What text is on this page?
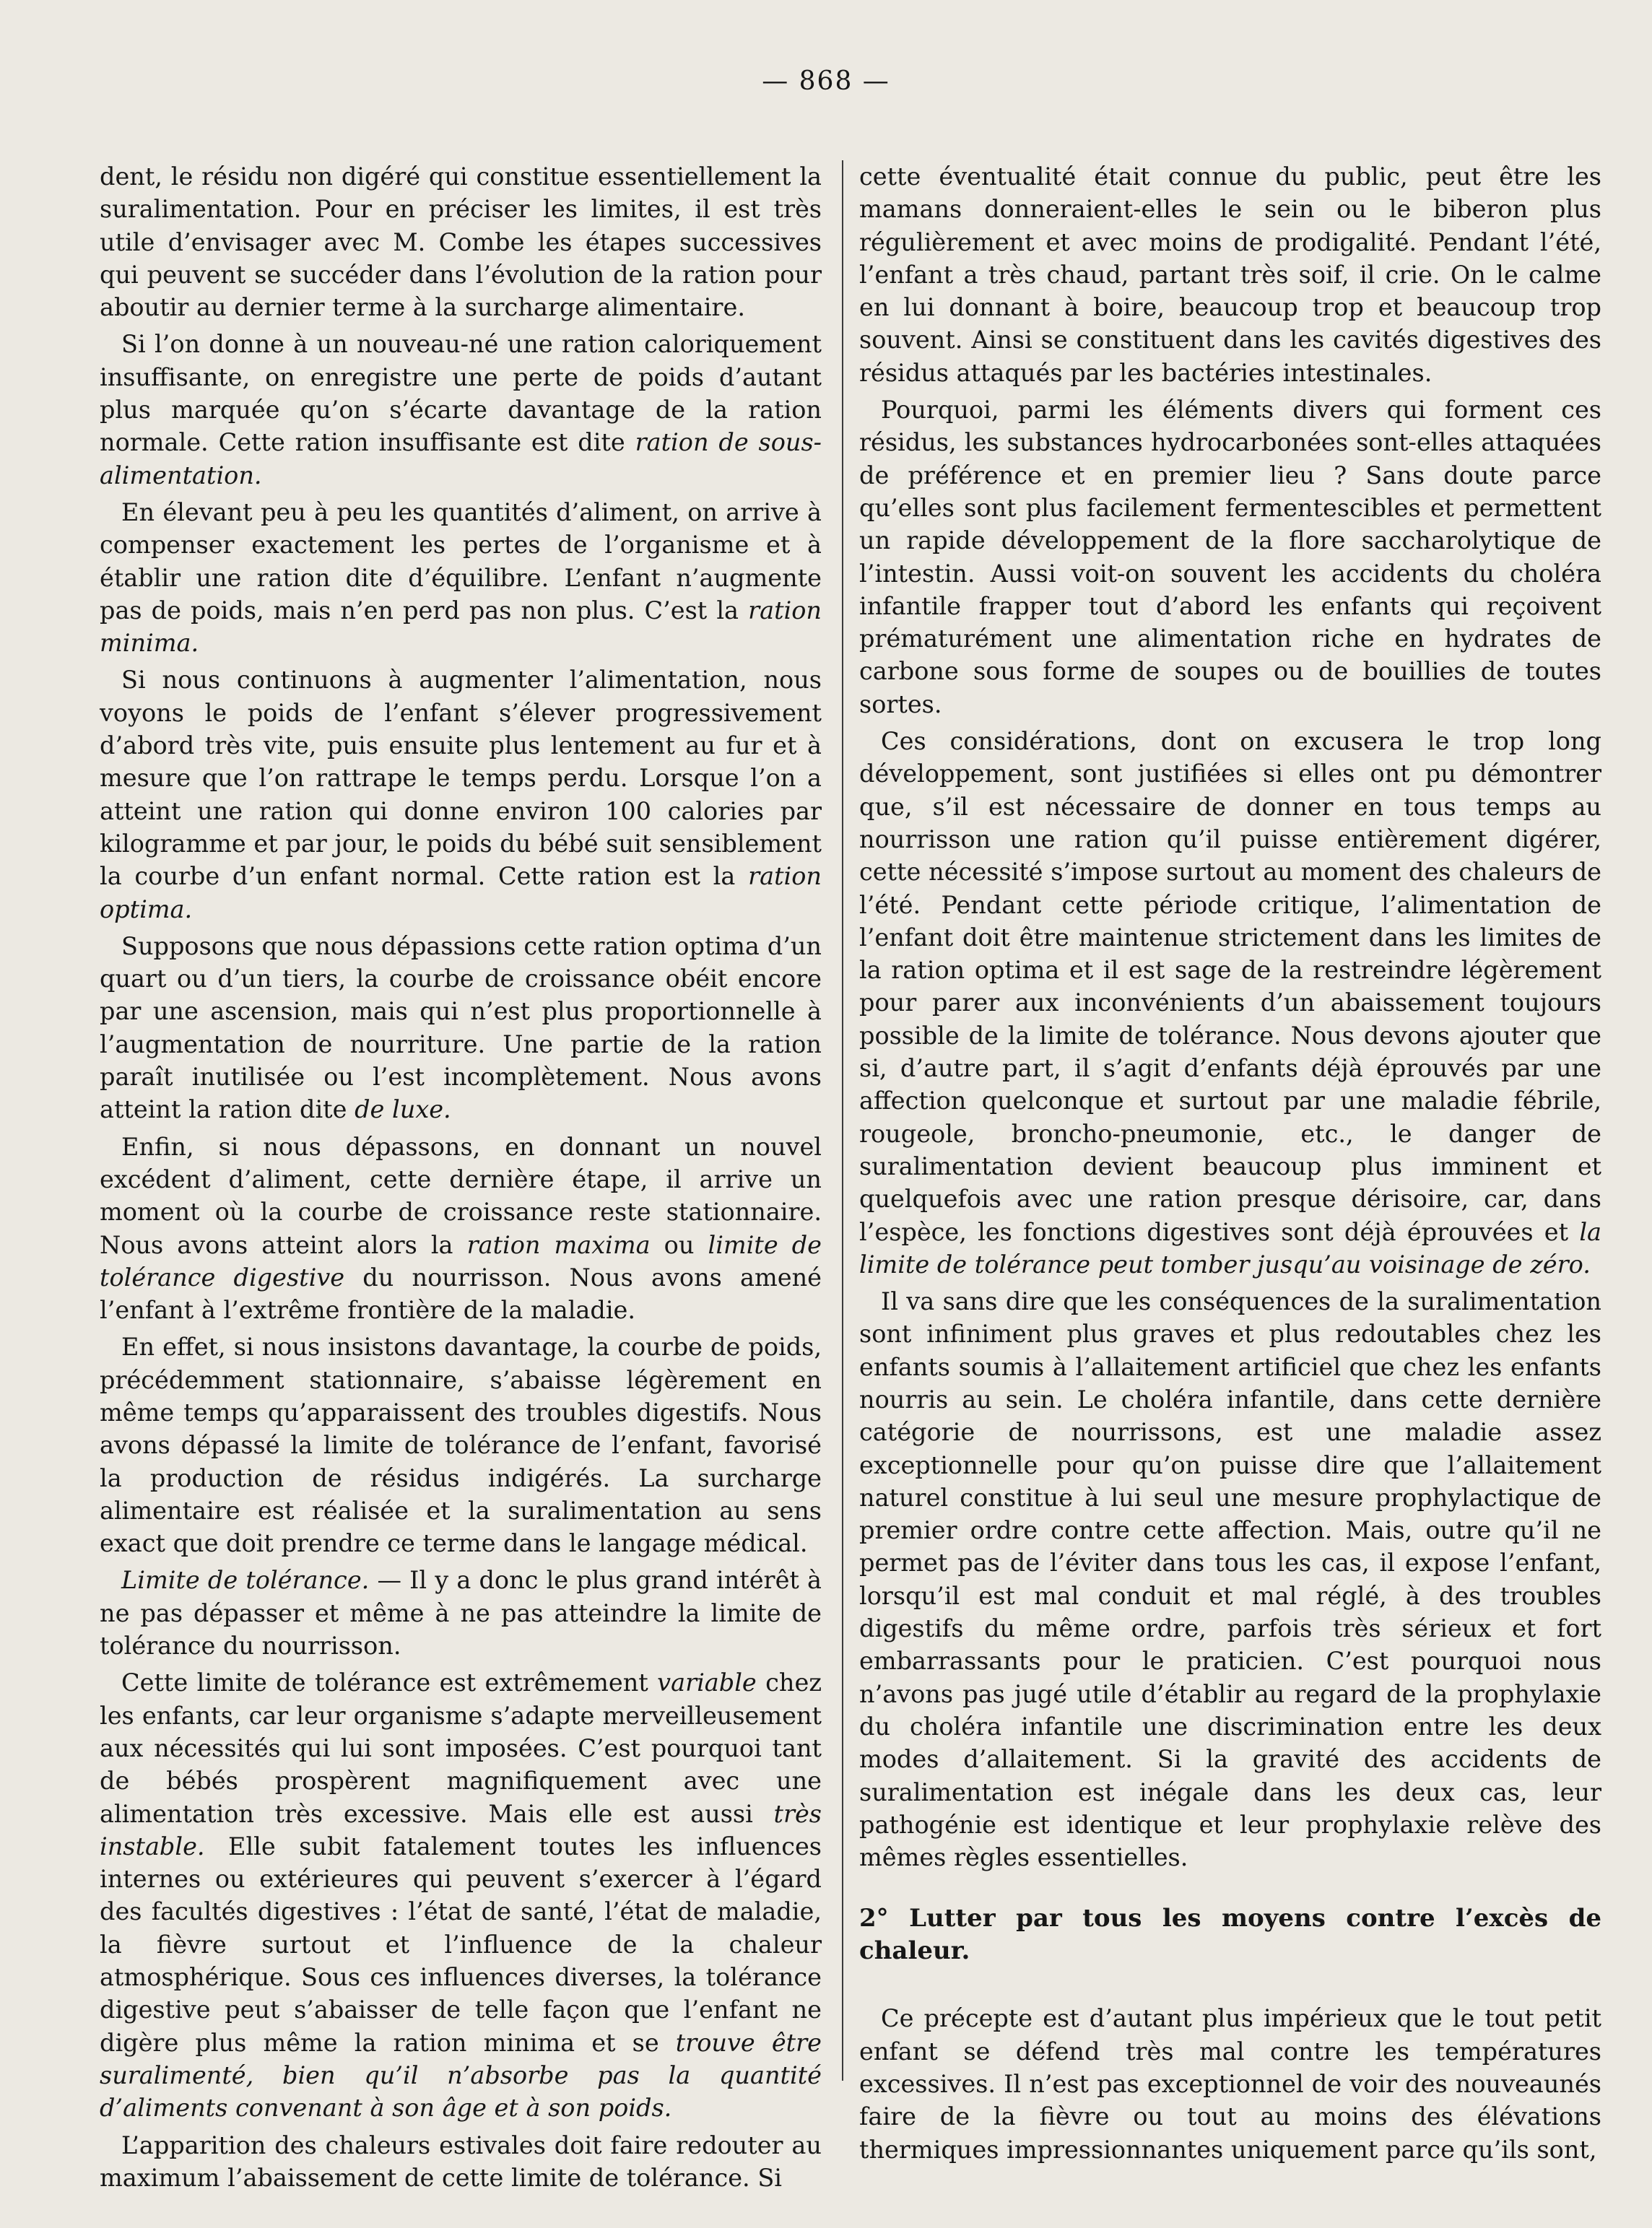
— 868 —

dent, le résidu non digéré qui constitue essentiellement la suralimentation. Pour en préciser les limites, il est très utile d’envisager avec M. Combe les étapes successives qui peuvent se succéder dans l’évolution de la ration pour aboutir au dernier terme à la surcharge alimentaire.

Si l’on donne à un nouveau-né une ration caloriquement insuffisante, on enregistre une perte de poids d’autant plus marquée qu’on s’écarte davantage de la ration normale. Cette ration insuffisante est dite ration de sous-alimentation.

En élevant peu à peu les quantités d’aliment, on arrive à compenser exactement les pertes de l’organisme et à établir une ration dite d’équilibre. L’enfant n’augmente pas de poids, mais n’en perd pas non plus. C’est la ration minima.

Si nous continuons à augmenter l’alimentation, nous voyons le poids de l’enfant s’élever progressivement d’abord très vite, puis ensuite plus lentement au fur et à mesure que l’on rattrape le temps perdu. Lorsque l’on a atteint une ration qui donne environ 100 calories par kilogramme et par jour, le poids du bébé suit sensiblement la courbe d’un enfant normal. Cette ration est la ration optima.

Supposons que nous dépassions cette ration optima d’un quart ou d’un tiers, la courbe de croissance obéit encore par une ascension, mais qui n’est plus proportionnelle à l’augmentation de nourriture. Une partie de la ration paraît inutilisée ou l’est incomplètement. Nous avons atteint la ration dite de luxe.

Enfin, si nous dépassons, en donnant un nouvel excédent d’aliment, cette dernière étape, il arrive un moment où la courbe de croissance reste stationnaire. Nous avons atteint alors la ration maxima ou limite de tolérance digestive du nourrisson. Nous avons amené l’enfant à l’extrême frontière de la maladie.

En effet, si nous insistons davantage, la courbe de poids, précédemment stationnaire, s’abaisse légèrement en même temps qu’apparaissent des troubles digestifs. Nous avons dépassé la limite de tolérance de l’enfant, favorisé la production de résidus indigérés. La surcharge alimentaire est réalisée et la suralimentation au sens exact que doit prendre ce terme dans le langage médical.

Limite de tolérance. — Il y a donc le plus grand intérêt à ne pas dépasser et même à ne pas atteindre la limite de tolérance du nourrisson.

Cette limite de tolérance est extrêmement variable chez les enfants, car leur organisme s’adapte merveilleusement aux nécessités qui lui sont imposées. C’est pourquoi tant de bébés prospèrent magnifiquement avec une alimentation très excessive. Mais elle est aussi très instable. Elle subit fatalement toutes les influences internes ou extérieures qui peuvent s’exercer à l’égard des facultés digestives : l’état de santé, l’état de maladie, la fièvre surtout et l’influence de la chaleur atmosphérique. Sous ces influences diverses, la tolérance digestive peut s’abaisser de telle façon que l’enfant ne digère plus même la ration minima et se trouve être suralimenté, bien qu’il n’absorbe pas la quantité d’aliments convenant à son âge et à son poids.

L’apparition des chaleurs estivales doit faire redouter au maximum l’abaissement de cette limite de tolérance. Si

cette éventualité était connue du public, peut être les mamans donneraient-elles le sein ou le biberon plus régulièrement et avec moins de prodigalité. Pendant l’été, l’enfant a très chaud, partant très soif, il crie. On le calme en lui donnant à boire, beaucoup trop et beaucoup trop souvent. Ainsi se constituent dans les cavités digestives des résidus attaqués par les bactéries intestinales.

Pourquoi, parmi les éléments divers qui forment ces résidus, les substances hydrocarbonées sont-elles attaquées de préférence et en premier lieu ? Sans doute parce qu’elles sont plus facilement fermentescibles et permettent un rapide développement de la flore saccharolytique de l’intestin. Aussi voit-on souvent les accidents du choléra infantile frapper tout d’abord les enfants qui reçoivent prématurément une alimentation riche en hydrates de carbone sous forme de soupes ou de bouillies de toutes sortes.

Ces considérations, dont on excusera le trop long développement, sont justifiées si elles ont pu démontrer que, s’il est nécessaire de donner en tous temps au nourrisson une ration qu’il puisse entièrement digérer, cette nécessité s’impose surtout au moment des chaleurs de l’été. Pendant cette période critique, l’alimentation de l’enfant doit être maintenue strictement dans les limites de la ration optima et il est sage de la restreindre légèrement pour parer aux inconvénients d’un abaissement toujours possible de la limite de tolérance. Nous devons ajouter que si, d’autre part, il s’agit d’enfants déjà éprouvés par une affection quelconque et surtout par une maladie fébrile, rougeole, broncho-pneumonie, etc., le danger de suralimentation devient beaucoup plus imminent et quelquefois avec une ration presque dérisoire, car, dans l’espèce, les fonctions digestives sont déjà éprouvées et la limite de tolérance peut tomber jusqu’au voisinage de zéro.

Il va sans dire que les conséquences de la suralimentation sont infiniment plus graves et plus redoutables chez les enfants soumis à l’allaitement artificiel que chez les enfants nourris au sein. Le choléra infantile, dans cette dernière catégorie de nourrissons, est une maladie assez exceptionnelle pour qu’on puisse dire que l’allaitement naturel constitue à lui seul une mesure prophylactique de premier ordre contre cette affection. Mais, outre qu’il ne permet pas de l’éviter dans tous les cas, il expose l’enfant, lorsqu’il est mal conduit et mal réglé, à des troubles digestifs du même ordre, parfois très sérieux et fort embarrassants pour le praticien. C’est pourquoi nous n’avons pas jugé utile d’établir au regard de la prophylaxie du choléra infantile une discrimination entre les deux modes d’allaitement. Si la gravité des accidents de suralimentation est inégale dans les deux cas, leur pathogénie est identique et leur prophylaxie relève des mêmes règles essentielles.

2° Lutter par tous les moyens contre l’excès de chaleur.

Ce précepte est d’autant plus impérieux que le tout petit enfant se défend très mal contre les températures excessives. Il n’est pas exceptionnel de voir des nouveaunés faire de la fièvre ou tout au moins des élévations thermiques impressionnantes uniquement parce qu’ils sont,
